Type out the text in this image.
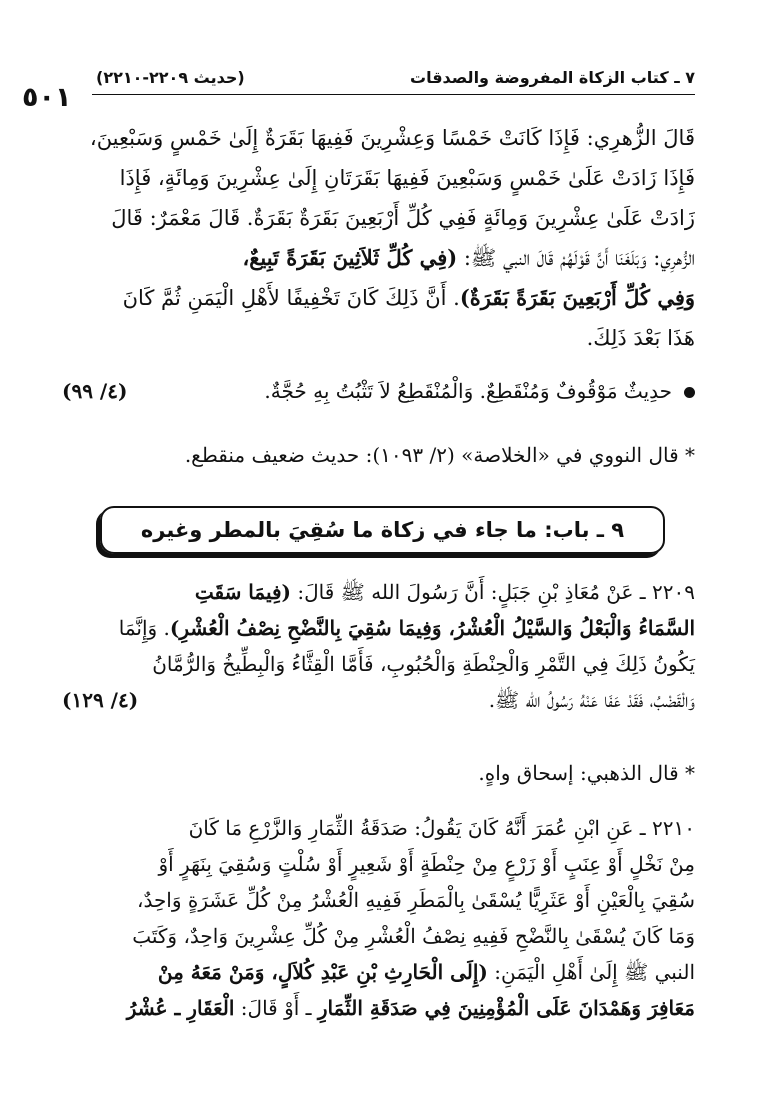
٥٠١
٧ ـ كتاب الزكاة المفروضة والصدقات
(حديث ٢٢٠٩-٢٢١٠)
قَالَ الزُّهرِي: فَإِذَا كَانَتْ خَمْسًا وَعِشْرِينَ فَفِيهَا بَقَرَةٌ إِلَىٰ خَمْسٍ وَسَبْعِينَ،
فَإِذَا زَادَتْ عَلَىٰ خَمْسٍ وَسَبْعِينَ فَفِيهَا بَقَرَتَانِ إِلَىٰ عِشْرِينَ وَمِائَةٍ، فَإِذَا
زَادَتْ عَلَىٰ عِشْرِينَ وَمِائَةٍ فَفِي كُلِّ أَرْبَعِينَ بَقَرَةٌ بَقَرَةٌ. قَالَ مَعْمَرٌ: قَالَ
الزُّهرِي: وَبَلَغَنَا أَنَّ قَوْلَهُمْ قَالَ النبي ﷺ: (فِي كُلِّ ثَلاَثِينَ بَقَرَةً تَبِيعٌ،
وَفِي كُلِّ أَرْبَعِينَ بَقَرَةً بَقَرَةٌ). أَنَّ ذَلِكَ كَانَ تَخْفِيفًا لأَهْلِ الْيَمَنِ ثُمَّ كَانَ
هَذَا بَعْدَ ذَلِكَ.
(٤/ ٩٩)	حدِيثٌ مَوْقُوفٌ وَمُنْقَطِعٌ. وَالْمُنْقَطِعُ لاَ تَثْبُتُ بِهِ حُجَّةٌ.
* قال النووي في «الخلاصة» (٢/ ١٠٩٣): حديث ضعيف منقطع.
٩ ـ باب: ما جاء في زكاة ما سُقِيَ بالمطر وغيره
٢٢٠٩ ـ عَنْ مُعَاذِ بْنِ جَبَلٍ: أَنَّ رَسُولَ الله ﷺ قَالَ: (فِيمَا سَقَتِ
السَّمَاءُ وَالْبَعْلُ وَالسَّيْلُ الْعُشْرُ، وَفِيمَا سُقِيَ بِالنَّضْحِ نِصْفُ الْعُشْرِ). وَإِنَّمَا
يَكُونُ ذَلِكَ فِي التَّمْرِ وَالْحِنْطَةِ وَالْحُبُوبِ، فَأَمَّا الْقِثَّاءُ وَالْبِطِّيخُ وَالرُّمَّانُ
(٤/ ١٢٩)	وَالْقَضْبُ، فَقَدْ عَفَا عَنْهُ رَسُولُ الله ﷺ.
* قال الذهبي: إسحاق واهٍ.
٢٢١٠ ـ عَنِ ابْنِ عُمَرَ أَنَّهُ كَانَ يَقُولُ: صَدَقَةُ الثِّمَارِ وَالزَّرْعِ مَا كَانَ
مِنْ نَخْلٍ أَوْ عِنَبٍ أَوْ زَرْعٍ مِنْ حِنْطَةٍ أَوْ شَعِيرٍ أَوْ سُلْتٍ وَسُقِيَ بِنَهَرٍ أَوْ
سُقِيَ بِالْعَيْنِ أَوْ عَثَرِيًّا يُسْقَىٰ بِالْمَطَرِ فَفِيهِ الْعُشْرُ مِنْ كُلِّ عَشَرَةٍ وَاحِدٌ،
وَمَا كَانَ يُسْقَىٰ بِالنَّضْحِ فَفِيهِ نِصْفُ الْعُشْرِ مِنْ كُلِّ عِشْرِينَ وَاحِدٌ، وَكَتَبَ
النبي ﷺ إِلَىٰ أَهْلِ الْيَمَنِ: (إِلَى الْحَارِثِ بْنِ عَبْدِ كُلاَلٍ، وَمَنْ مَعَهُ مِنْ
مَعَافِرَ وَهَمْدَانَ عَلَى الْمُؤْمِنِينَ فِي صَدَقَةِ الثِّمَارِ ـ أَوْ قَالَ: الْعَقَارِ ـ عُشْرُ
